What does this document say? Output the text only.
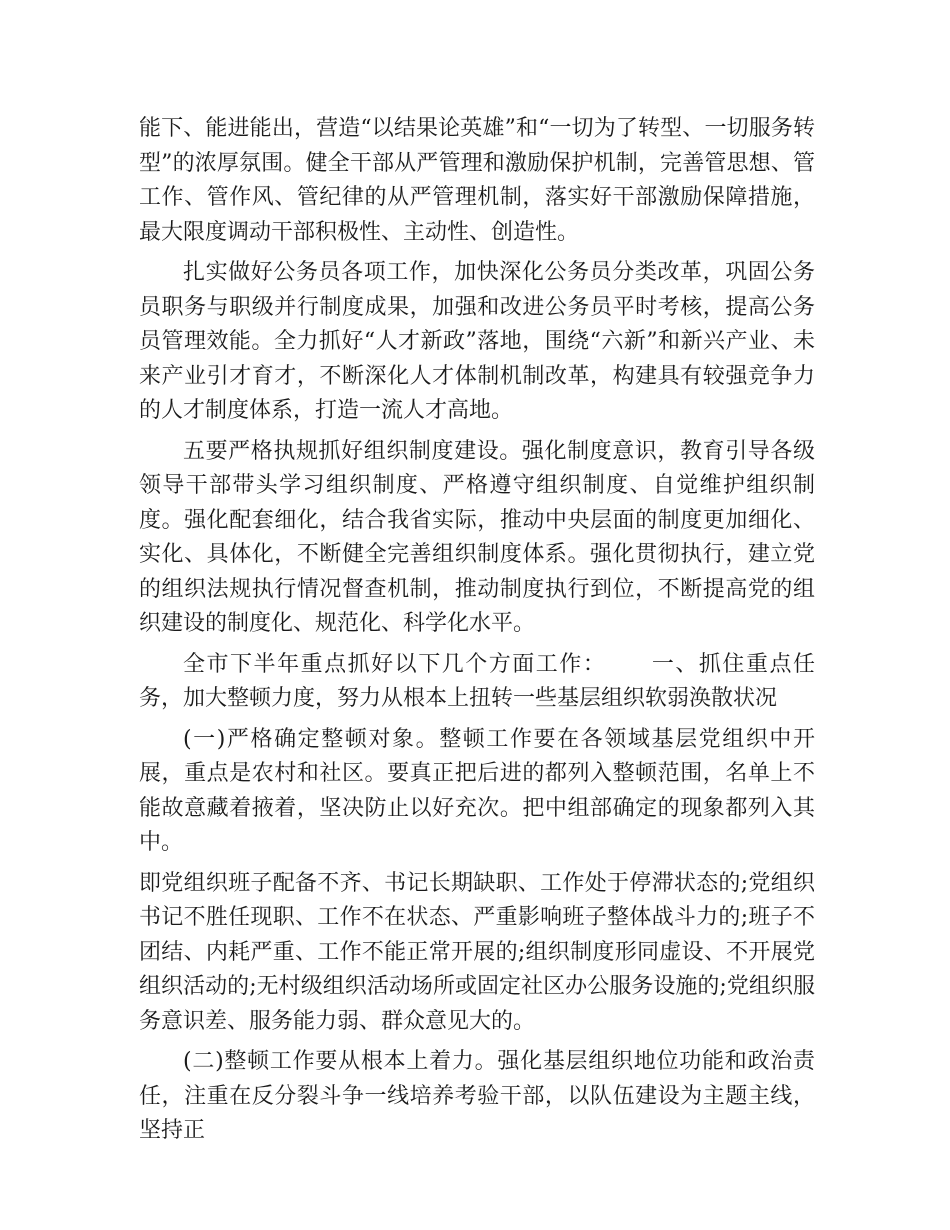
能下、能进能出，营造“以结果论英雄”和“一切为了转型、一切服务转型”的浓厚氛围。健全干部从严管理和激励保护机制，完善管思想、管工作、管作风、管纪律的从严管理机制，落实好干部激励保障措施，最大限度调动干部积极性、主动性、创造性。

扎实做好公务员各项工作，加快深化公务员分类改革，巩固公务员职务与职级并行制度成果，加强和改进公务员平时考核，提高公务员管理效能。全力抓好“人才新政”落地，围绕“六新”和新兴产业、未来产业引才育才，不断深化人才体制机制改革，构建具有较强竞争力的人才制度体系，打造一流人才高地。

五要严格执规抓好组织制度建设。强化制度意识，教育引导各级领导干部带头学习组织制度、严格遵守组织制度、自觉维护组织制度。强化配套细化，结合我省实际，推动中央层面的制度更加细化、实化、具体化，不断健全完善组织制度体系。强化贯彻执行，建立党的组织法规执行情况督查机制，推动制度执行到位，不断提高党的组织建设的制度化、规范化、科学化水平。

全市下半年重点抓好以下几个方面工作： 一、抓住重点任务，加大整顿力度，努力从根本上扭转一些基层组织软弱涣散状况

(一)严格确定整顿对象。整顿工作要在各领域基层党组织中开展，重点是农村和社区。要真正把后进的都列入整顿范围，名单上不能故意藏着掖着，坚决防止以好充次。把中组部确定的现象都列入其中。

即党组织班子配备不齐、书记长期缺职、工作处于停滞状态的;党组织书记不胜任现职、工作不在状态、严重影响班子整体战斗力的;班子不团结、内耗严重、工作不能正常开展的;组织制度形同虚设、不开展党组织活动的;无村级组织活动场所或固定社区办公服务设施的;党组织服务意识差、服务能力弱、群众意见大的。

(二)整顿工作要从根本上着力。强化基层组织地位功能和政治责任，注重在反分裂斗争一线培养考验干部，以队伍建设为主题主线，坚持正
